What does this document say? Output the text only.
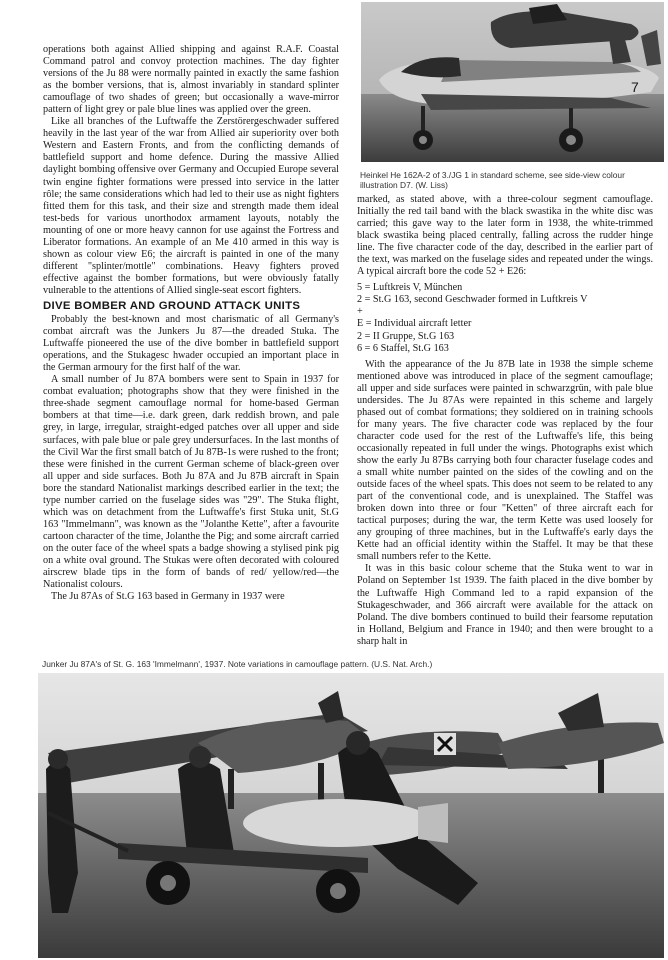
7
Heinkel He 162A-2 of 3./JG 1 in standard scheme, see side-view colour illustration D7. (W. Liss)

operations both against Allied shipping and against R.A.F. Coastal Command patrol and convoy protection machines. The day fighter versions of the Ju 88 were normally painted in exactly the same fashion as the bomber versions, that is, almost invariably in standard splinter camouflage of two shades of green; but occasionally a wave-mirror pattern of light grey or pale blue lines was applied over the green.

Like all branches of the Luftwaffe the Zerstörergeschwader suffered heavily in the last year of the war from Allied air superiority over both Western and Eastern Fronts, and from the conflicting demands of battlefield support and home defence. During the massive Allied daylight bombing offensive over Germany and Occupied Europe several twin engine fighter formations were pressed into service in the latter rôle; the same considerations which had led to their use as night fighters fitted them for this task, and their size and strength made them ideal test-beds for various unorthodox armament layouts, notably the mounting of one or more heavy cannon for use against the Fortress and Liberator formations. An example of an Me 410 armed in this way is shown as colour view E6; the aircraft is painted in one of the many different "splinter/mottle" combinations. Heavy fighters proved effective against the bomber formations, but were obviously fatally vulnerable to the attentions of Allied single-seat escort fighters.

DIVE BOMBER AND GROUND ATTACK UNITS

Probably the best-known and most charismatic of all Germany's combat aircraft was the Junkers Ju 87—the dreaded Stuka. The Luftwaffe pioneered the use of the dive bomber in battlefield support operations, and the Stukagesc hwader occupied an important place in the German armoury for the first half of the war.

A small number of Ju 87A bombers were sent to Spain in 1937 for combat evaluation; photographs show that they were finished in the three-shade segment camouflage normal for home-based German bombers at that time—i.e. dark green, dark reddish brown, and pale grey, in large, irregular, straight-edged patches over all upper and side surfaces, with pale blue or pale grey undersurfaces. In the last months of the Civil War the first small batch of Ju 87B-1s were rushed to the front; these were finished in the current German scheme of black-green over all upper and side surfaces. Both Ju 87A and Ju 87B aircraft in Spain bore the standard Nationalist markings described earlier in the text; the type number carried on the fuselage sides was "29". The Stuka flight, which was on detachment from the Luftwaffe's first Stuka unit, St.G 163 "Immelmann", was known as the "Jolanthe Kette", after a favourite cartoon character of the time, Jolanthe the Pig; and some aircraft carried on the outer face of the wheel spats a badge showing a stylised pink pig on a white oval ground. The Stukas were often decorated with coloured airscrew blade tips in the form of bands of red/ yellow/red—the Nationalist colours.

The Ju 87As of St.G 163 based in Germany in 1937 were

marked, as stated above, with a three-colour segment camouflage. Initially the red tail band with the black swastika in the white disc was carried; this gave way to the later form in 1938, the white-trimmed black swastika being placed centrally, falling across the rudder hinge line. The five character code of the day, described in the earlier part of the text, was marked on the fuselage sides and repeated under the wings. A typical aircraft bore the code 52 + E26:

5 = Luftkreis V, München
2 = St.G 163, second Geschwader formed in Luftkreis V
+
E = Individual aircraft letter
2 = II Gruppe, St.G 163
6 = 6 Staffel, St.G 163

With the appearance of the Ju 87B late in 1938 the simple scheme mentioned above was introduced in place of the segment camouflage; all upper and side surfaces were painted in schwarzgrün, with pale blue undersides. The Ju 87As were repainted in this scheme and largely phased out of combat formations; they soldiered on in training schools for many years. The five character code was replaced by the four character code used for the rest of the Luftwaffe's life, this being occasionally repeated in full under the wings. Photographs exist which show the early Ju 87Bs carrying both four character fuselage codes and a small white number painted on the sides of the cowling and on the outside faces of the wheel spats. This does not seem to be related to any part of the conventional code, and is unexplained. The Staffel was broken down into three or four "Ketten" of three aircraft each for tactical purposes; during the war, the term Kette was used loosely for any grouping of three machines, but in the Luftwaffe's early days the Kette had an official identity within the Staffel. It may be that these small numbers refer to the Kette.

It was in this basic colour scheme that the Stuka went to war in Poland on September 1st 1939. The faith placed in the dive bomber by the Luftwaffe High Command led to a rapid expansion of the Stukageschwader, and 366 aircraft were available for the attack on Poland. The dive bombers continued to build their fearsome reputation in Holland, Belgium and France in 1940; and then were brought to a sharp halt in

Junker Ju 87A's of St. G. 163 'Immelmann', 1937. Note variations in camouflage pattern. (U.S. Nat. Arch.)
